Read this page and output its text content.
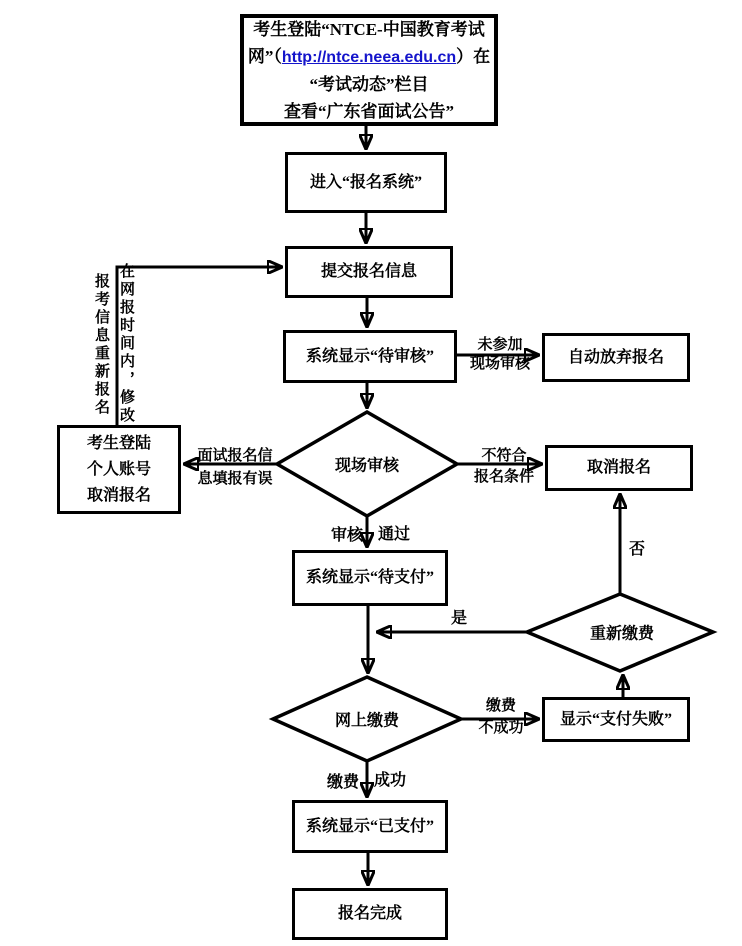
考生登陆“NTCE-中国教育考试
网”（http://ntce.neea.edu.cn）在
“考试动态”栏目
查看“广东省面试公告”
进入“报名系统”
提交报名信息
系统显示“待审核”	自动放弃报名
考生登陆
个人账号
取消报名
取消报名
系统显示“待支付”
显示“支付失败”
系统显示“已支付”
报名完成
现场审核
重新缴费
网上缴费
未参加
现场审核
面试报名信
息填报有误
不符合
报名条件
审核 通过
是
否
缴费
不成功
缴费 成功
在网报时间内，修改
报考信息重新报名
